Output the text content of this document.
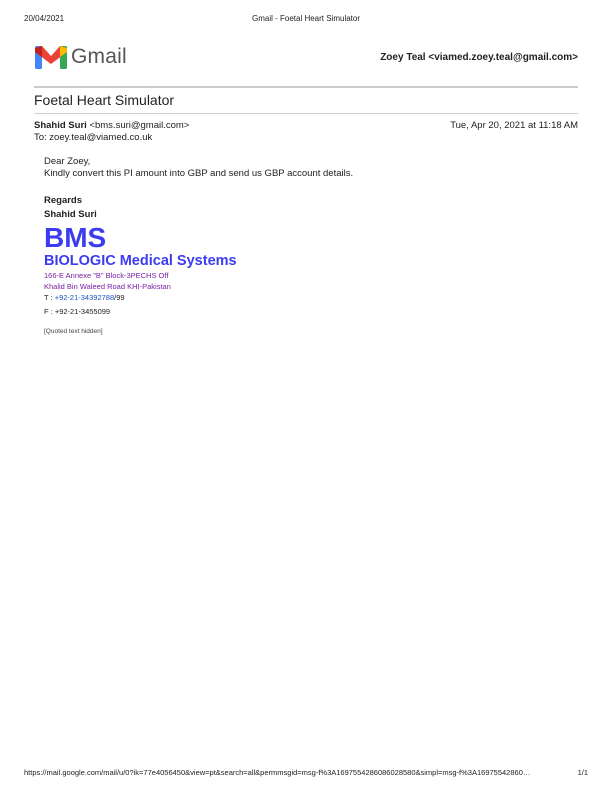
20/04/2021	Gmail - Foetal Heart Simulator
Gmail	Zoey Teal <viamed.zoey.teal@gmail.com>
Foetal Heart Simulator
Shahid Suri <bms.suri@gmail.com>	Tue, Apr 20, 2021 at 11:18 AM
To: zoey.teal@viamed.co.uk
Dear Zoey,
Kindly convert this PI amount into GBP and send us GBP account details.
Regards
Shahid Suri
BMS
BIOLOGIC Medical Systems
166-E Annexe "B" Block-3PECHS Off
Khalid Bin Waleed Road KHI-Pakistan
T : +92-21-34392788/99
F : +92-21-3455099
[Quoted text hidden]
https://mail.google.com/mail/u/0?ik=77e4056450&view=pt&search=all&permmsgid=msg-f%3A1697554286086028580&simpl=msg-f%3A16975542860…	1/1
